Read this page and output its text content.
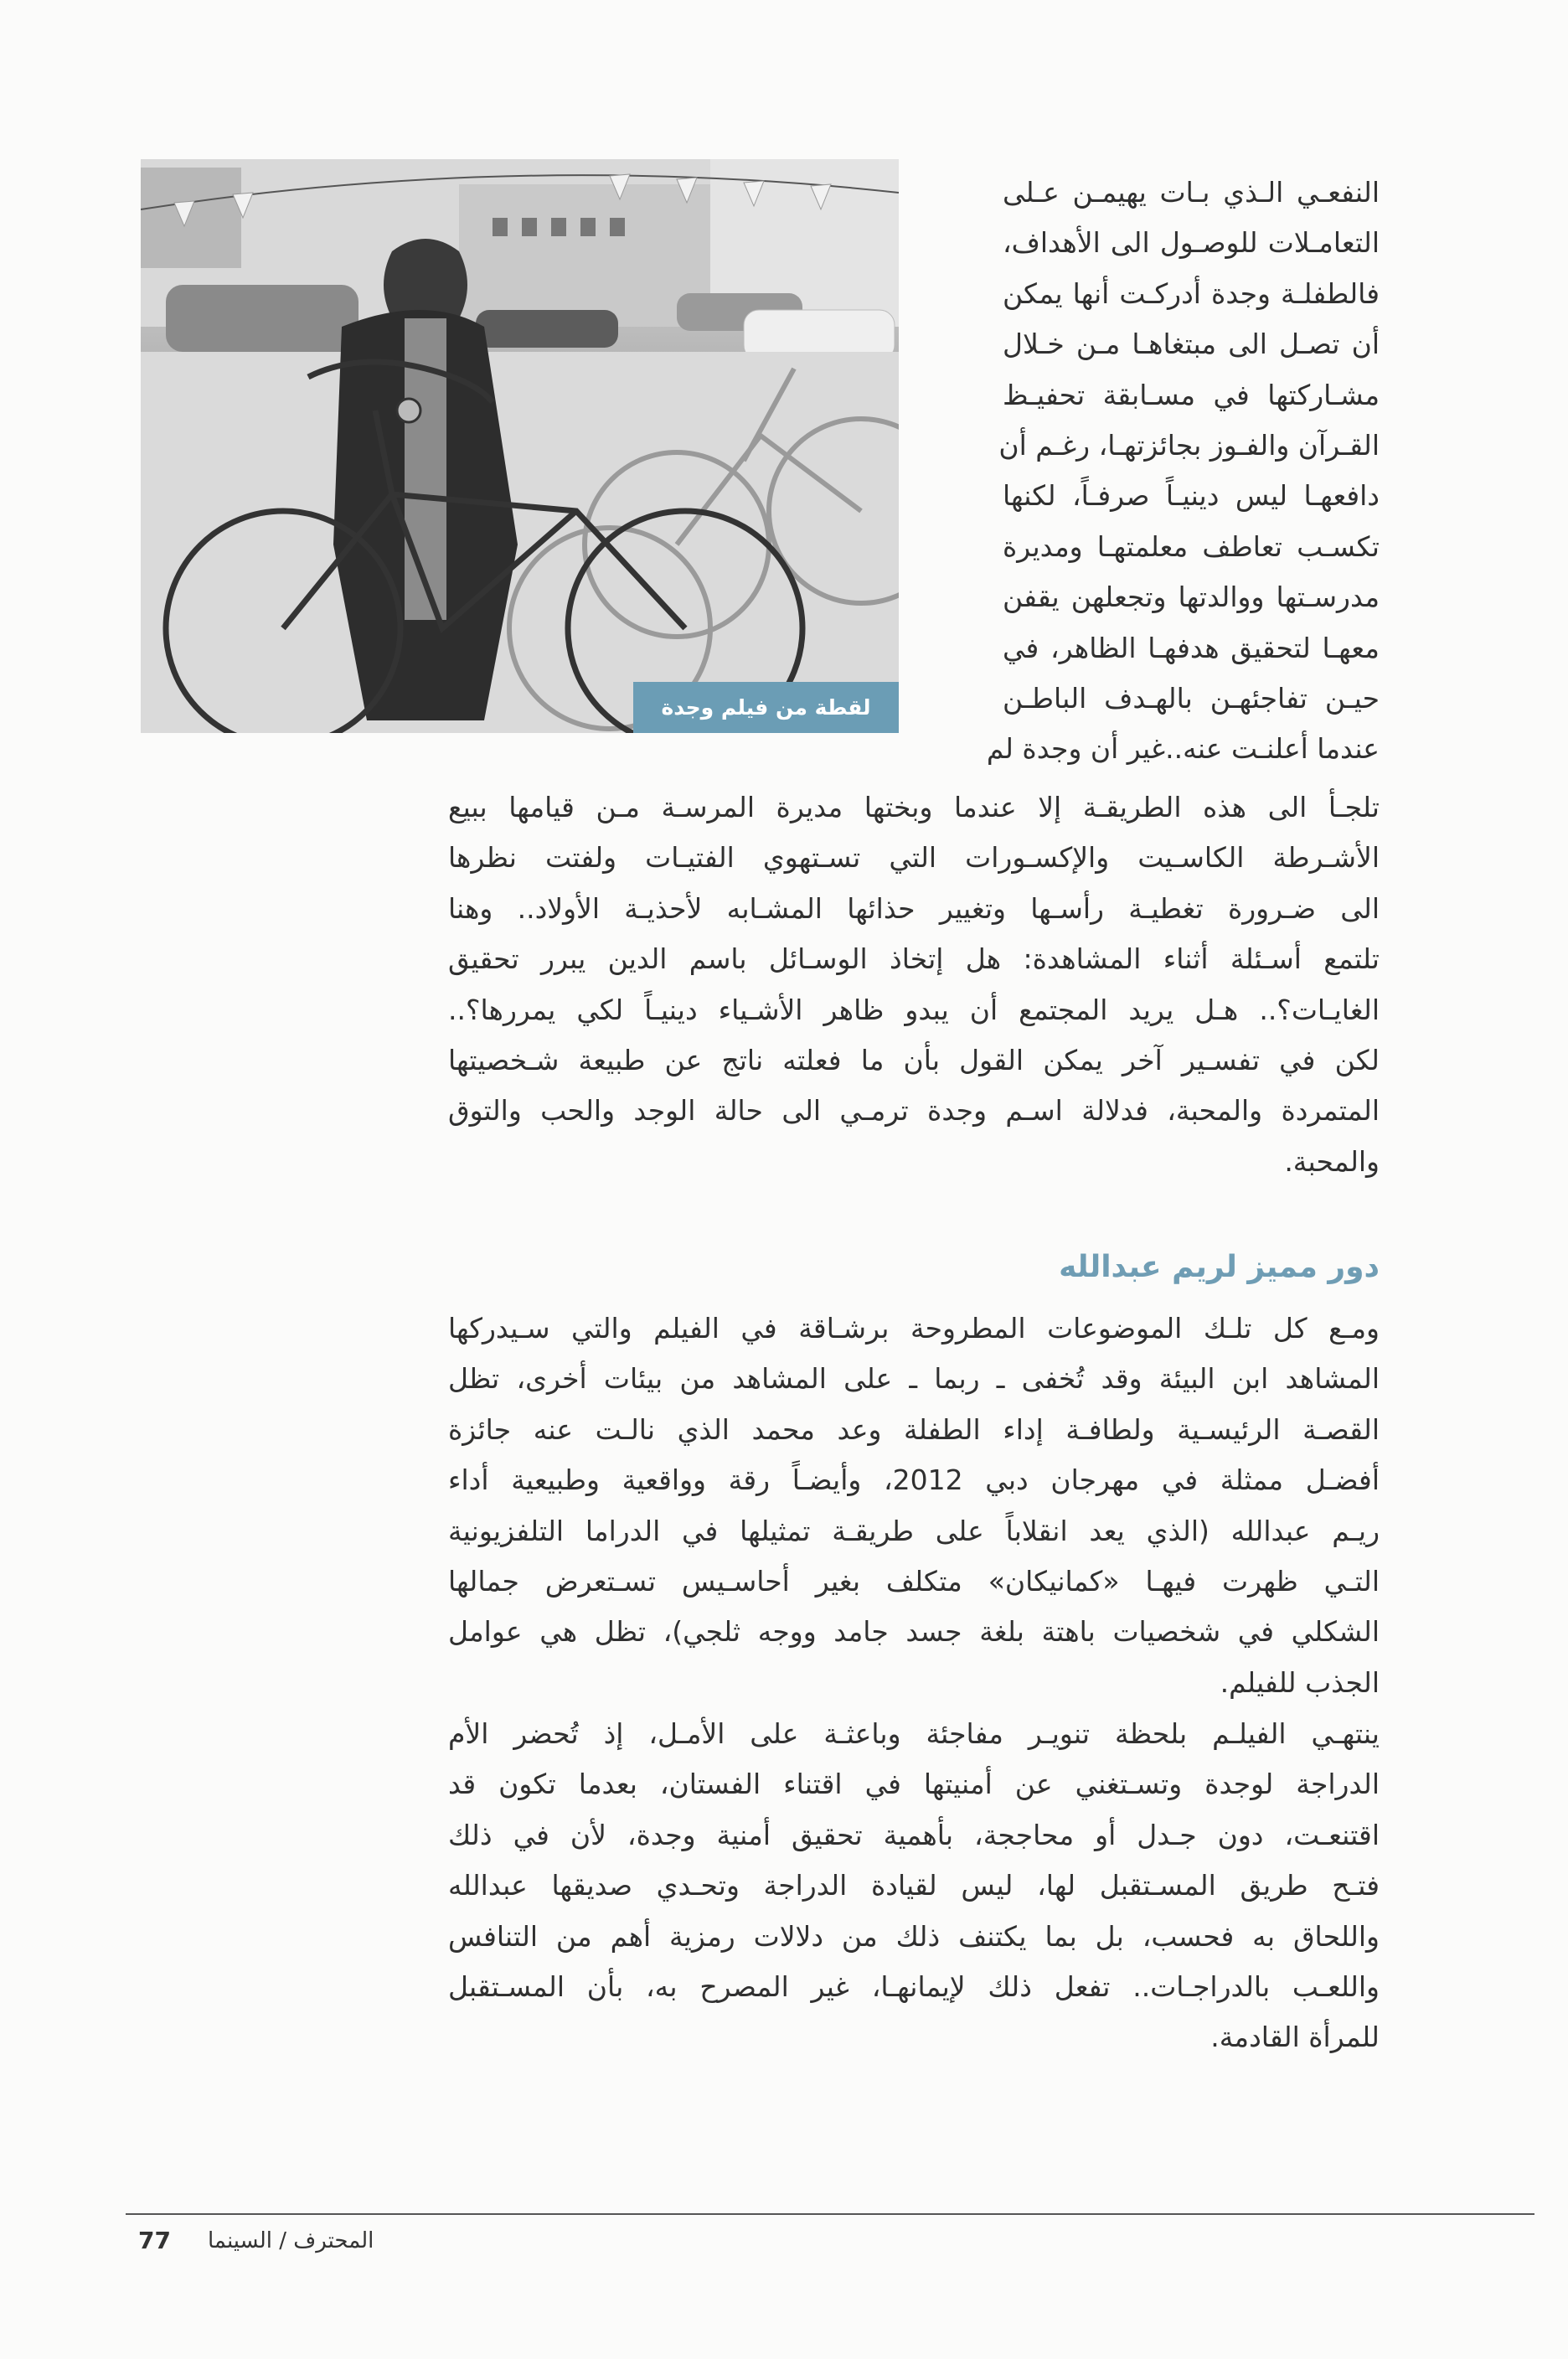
لقطة من فيلم وجدة
النفعـي الـذي بـات يهيمـن عـلى
التعامـلات للوصـول الى الأهداف،
فالطفلـة وجدة أدركـت أنها يمكن
أن تصـل الى مبتغاهـا مـن خـلال
مشـاركتها في مسـابقة تحفيـظ
القـرآن والفـوز بجائزتهـا، رغـم أن
دافعهـا ليس دينيـاً صرفـاً، لكنها
تكسـب تعاطف معلمتهـا ومديرة
مدرسـتها ووالدتها وتجعلهن يقفن
معهـا لتحقيق هدفهـا الظاهر، في
حيـن تفاجئهـن بالهـدف الباطـن
عندما أعلنـت عنه..غير أن وجدة لم
تلجـأ الى هذه الطريقـة إلا عندما وبختها مديرة المرسـة مـن قيامها ببيع
الأشـرطة الكاسـيت والإكسـورات التي تسـتهوي الفتيـات ولفتت نظرها
الى ضـرورة تغطيـة رأسـها وتغيير حذائها المشـابه لأحذيـة الأولاد.. وهنا
تلتمع أسـئلة أثناء المشاهدة: هل إتخاذ الوسـائل باسم الدين يبرر تحقيق
الغايـات؟.. هـل يريد المجتمع أن يبدو ظاهر الأشـياء دينيـاً لكي يمررها؟..
لكن في تفسـير آخر يمكن القول بأن ما فعلته ناتج عن طبيعة شـخصيتها
المتمردة والمحبة، فدلالة اسـم وجدة ترمـي الى حالة الوجد والحب والتوق
والمحبة.
دور مميز لريم عبدالله
ومـع كل تلـك الموضوعات المطروحة برشـاقة في الفيلم والتي سـيدركها
المشاهد ابن البيئة وقد تُخفى ـ ربما ـ على المشاهد من بيئات أخرى، تظل
القصـة الرئيسـية ولطافـة إداء الطفلة وعد محمد الذي نالـت عنه جائزة
أفضـل ممثلة في مهرجان دبي 2012، وأيضـاً رقة وواقعية وطبيعية أداء
ريـم عبدالله (الذي يعد انقلاباً على طريقـة تمثيلها في الدراما التلفزيونية
التـي ظهرت فيهـا «كمانيكان» متكلف بغير أحاسـيس تسـتعرض جمالها
الشكلي في شخصيات باهتة بلغة جسد جامد ووجه ثلجي)، تظل هي عوامل
الجذب للفيلم.
ينتهـي الفيلـم بلحظة تنويـر مفاجئة وباعثـة على الأمـل، إذ تُحضر الأم
الدراجة لوجدة وتسـتغني عن أمنيتها في اقتناء الفستان، بعدما تكون قد
اقتنعـت، دون جـدل أو محاججة، بأهمية تحقيق أمنية وجدة، لأن في ذلك
فتـح طريق المسـتقبل لها، ليس لقيادة الدراجة وتحـدي صديقها عبدالله
واللحاق به فحسب، بل بما يكتنف ذلك من دلالات رمزية أهم من التنافس
واللعـب بالدراجـات.. تفعل ذلك لإيمانهـا، غير المصرح به، بأن المسـتقبل
للمرأة القادمة.
المحترف / السينما
77
